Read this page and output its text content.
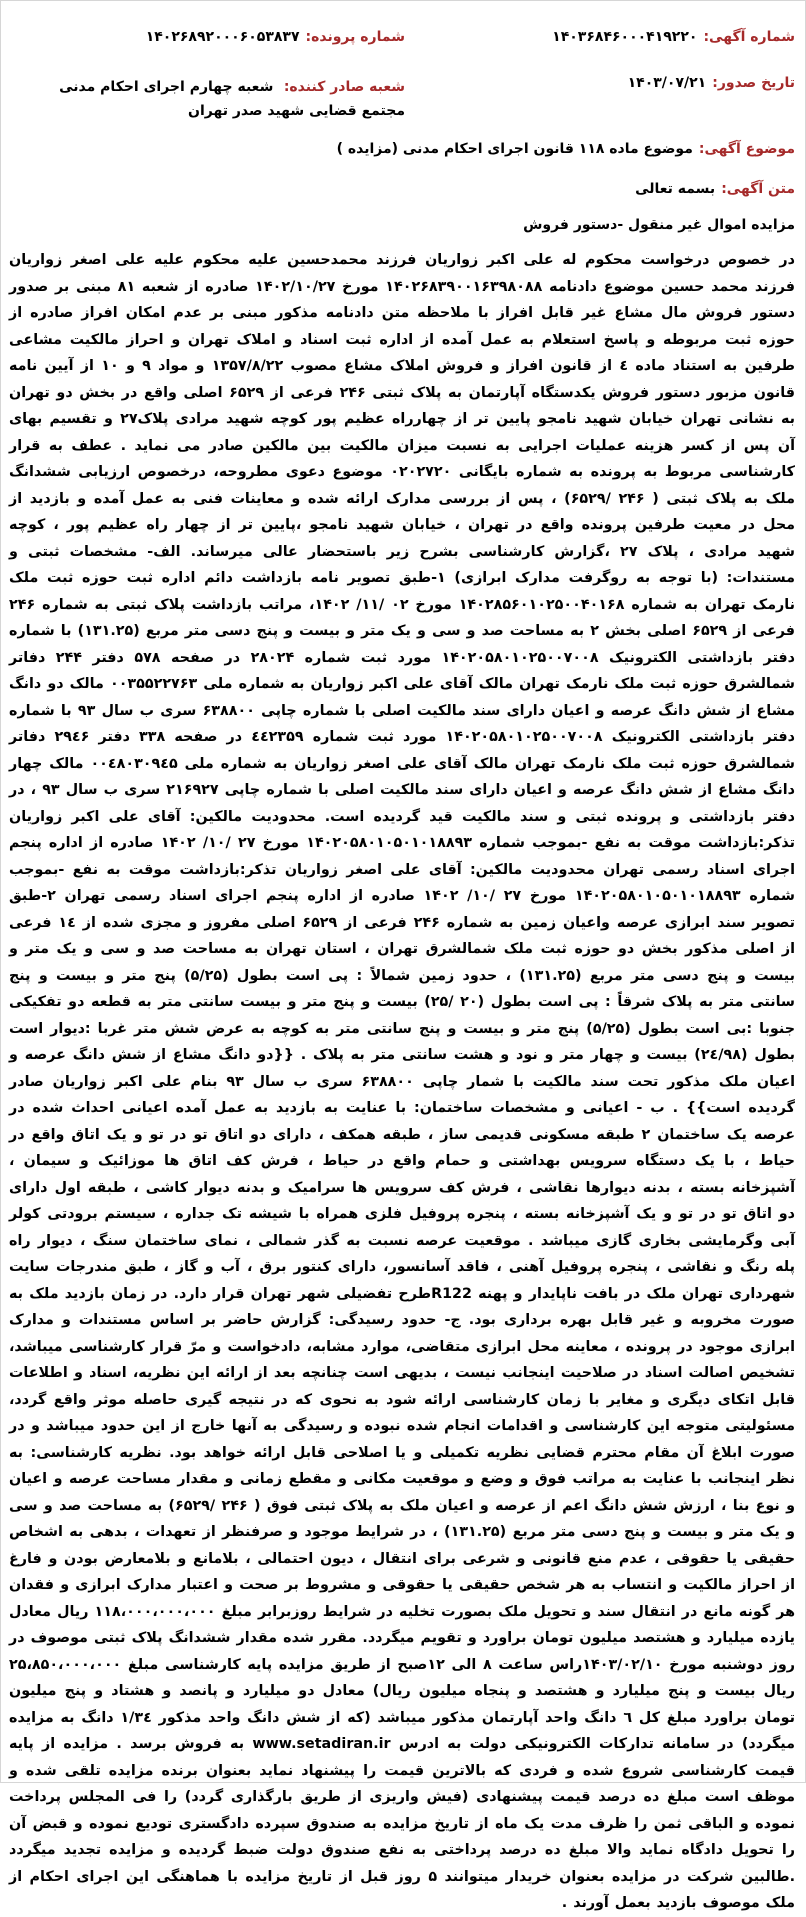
شماره آگهی:۱۴۰۳۶۸۴۶۰۰۰۴۱۹۲۲۰
شماره پرونده:۱۴۰۲۶۸۹۲۰۰۰۶۰۵۳۸۳۷
تاریخ صدور:۱۴۰۳/۰۷/۲۱
شعبه صادر کننده: شعبه چهارم اجرای احکام مدنی مجتمع قضایی شهید صدر تهران
موضوع آگهی:موضوع ماده ۱۱۸ قانون اجرای احکام مدنی (مزایده )
متن آگهی:بسمه تعالی
مزایده اموال غیر منقول -دستور فروش
در خصوص درخواست محکوم له علی اکبر زواریان فرزند محمدحسین علیه محکوم علیه علی اصغر زواریان فرزند محمد حسین موضوع دادنامه ۱۴۰۲۶۸۳۹۰۰۱۶۳۹۸۰۸۸ مورخ ۱۴۰۲/۱۰/۲۷ صادره از شعبه ۸۱ مبنی بر صدور دستور فروش مال مشاع غیر قابل افراز با ملاحظه متن دادنامه مذکور مبنی بر عدم امکان افراز صادره از حوزه ثبت مربوطه و پاسخ استعلام به عمل آمده از اداره ثبت اسناد و املاک تهران و احراز مالکیت مشاعی طرفین به استناد ماده ٤ از قانون افراز و فروش املاک مشاع مصوب ۱۳۵۷/۸/۲۲ و مواد ۹ و ۱۰ از آیین نامه قانون مزبور دستور فروش یکدستگاه آپارتمان به پلاک ثبتی ۲۴۶ فرعی از ۶۵۲۹ اصلی واقع در بخش دو تهران به نشانی تهران خیابان شهید نامجو پایین تر از چهارراه عظیم پور کوچه شهید مرادی پلاک۲۷ و تقسیم بهای آن پس از کسر هزینه عملیات اجرایی به نسبت میزان مالکیت بین مالکین صادر می نماید . عطف به قرار کارشناسی مربوط به پرونده به شماره بایگانی ۰۲۰۲۷۲۰ موضوع دعوی مطروحه، درخصوص ارزیابی ششدانگ ملک به پلاک ثبتی ( ۲۴۶ /۶۵۲۹) ، پس از بررسی مدارک ارائه شده و معاینات فنی به عمل آمده و بازدید از محل در معیت طرفین پرونده واقع در تهران ، خیابان شهید نامجو ،پایین تر از چهار راه عظیم پور ، کوچه شهید مرادی ، پلاک ۲۷ ،گزارش کارشناسی بشرح زیر باستحضار عالی میرساند. الف- مشخصات ثبتی و مستندات: (با توجه به روگرفت مدارک ابرازی) ۱-طبق تصویر نامه بازداشت دائم اداره ثبت حوزه ثبت ملک نارمک تهران به شماره ۱۴۰۲۸۵۶۰۱۰۲۵۰۰۴۰۱۶۸ مورخ ۰۲ /۱۱/ ۱۴۰۲، مراتب بازداشت پلاک ثبتی به شماره ۲۴۶ فرعی از ۶۵۲۹ اصلی بخش ۲ به مساحت صد و سی و یک متر و بیست و پنج دسی متر مربع (۱۳۱.۲۵) با شماره دفتر بازداشتی الکترونیک ۱۴۰۲۰۵۸۰۱۰۲۵۰۰۷۰۰۸ مورد ثبت شماره ۲۸۰۲۴ در صفحه ۵۷۸ دفتر ۲۴۴ دفاتر شمالشرق حوزه ثبت ملک نارمک تهران مالک آقای علی اکبر زواریان به شماره ملی ۰۰۳۵۵۲۲۷۶۳ مالک دو دانگ مشاع از شش دانگ عرصه و اعیان دارای سند مالکیت اصلی با شماره چاپی ۶۳۸۸۰۰ سری ب سال ۹۳ با شماره دفتر بازداشتی الکترونیک ۱۴۰۲۰۵۸۰۱۰۲۵۰۰۷۰۰۸ مورد ثبت شماره ٤٤٢٣۵۹ در صفحه ۳۳۸ دفتر ۲۹٤۶ دفاتر شمالشرق حوزه ثبت ملک نارمک تهران مالک آقای علی اصغر زواریان به شماره ملی ۰۰٤۸۰۳۰۹٤۵ مالک چهار دانگ مشاع از شش دانگ عرصه و اعیان دارای سند مالکیت اصلی با شماره چاپی ۲۱۶۹۲۷ سری ب سال ۹۳ ، در دفتر بازداشتی و پرونده ثبتی و سند مالکیت قید گردیده است. محدودیت مالکین: آقای علی اکبر زواریان تذکر:بازداشت موقت به نفع -بموجب شماره ۱۴۰۲۰۵۸۰۱۰۵۰۱۰۱۸۸۹۳ مورخ ۲۷ /۱۰/ ۱۴۰۲ صادره از اداره پنجم اجرای اسناد رسمی تهران محدودیت مالکین: آقای علی اصغر زواریان تذکر:بازداشت موقت به نفع -بموجب شماره ۱۴۰۲۰۵۸۰۱۰۵۰۱۰۱۸۸۹۳ مورخ ۲۷ /۱۰/ ۱۴۰۲ صادره از اداره پنجم اجرای اسناد رسمی تهران ۲-طبق تصویر سند ابرازی عرصه واعیان زمین به شماره ۲۴۶ فرعی از ۶۵۲۹ اصلی مفروز و مجزی شده از ۱٤ فرعی از اصلی مذکور بخش دو حوزه ثبت ملک شمالشرق تهران ، استان تهران به مساحت صد و سی و یک متر و بیست و پنج دسی متر مربع (۱۳۱.۲۵) ، حدود زمین شمالاً : پی است بطول (۵/۲۵) پنج متر و بیست و پنج سانتی متر به پلاک شرقاً : پی است بطول (۲۰ /۲۵) بیست و پنج متر و بیست سانتی متر به قطعه دو تفکیکی جنوبا :بی است بطول (۵/۲۵) پنج متر و بیست و پنج سانتی متر به کوچه به عرض شش متر غربا :دیوار است بطول (۲٤/۹۸) بیست و چهار متر و نود و هشت سانتی متر به پلاک . {{دو دانگ مشاع از شش دانگ عرصه و اعیان ملک مذکور تحت سند مالکیت با شمار چاپی ۶۳۸۸۰۰ سری ب سال ۹۳ بنام علی اکبر زواریان صادر گردیده است}} . ب - اعیانی و مشخصات ساختمان: با عنایت به بازدید به عمل آمده اعیانی احداث شده در عرصه یک ساختمان ۲ طبقه مسکونی قدیمی ساز ، طبقه همکف ، دارای دو اتاق تو در تو و یک اتاق واقع در حیاط ، با یک دستگاه سرویس بهداشتی و حمام واقع در حیاط ، فرش کف اتاق ها موزائیک و سیمان ، آشپزخانه بسته ، بدنه دیوارها نقاشی ، فرش کف سرویس ها سرامیک و بدنه دیوار کاشی ، طبقه اول دارای دو اتاق تو در تو و یک آشپزخانه بسته ، پنجره پروفیل فلزی همراه با شیشه تک جداره ، سیستم برودتی کولر آبی وگرمایشی بخاری گازی میباشد . موقعیت عرصه نسبت به گذر شمالی ، نمای ساختمان سنگ ، دیوار راه پله رنگ و نقاشی ، پنجره پروفیل آهنی ، فاقد آسانسور، دارای کنتور برق ، آب و گاز ، طبق مندرجات سایت شهرداری تهران ملک در بافت ناپایدار و پهنه R122طرح تفضیلی شهر تهران قرار دارد. در زمان بازدید ملک به صورت مخروبه و غیر قابل بهره برداری بود. ج- حدود رسیدگی: گزارش حاضر بر اساس مستندات و مدارک ابرازی موجود در پرونده ، معاینه محل ابرازی متقاضی، موارد مشابه، دادخواست و مرّ قرار کارشناسی میباشد، تشخیص اصالت اسناد در صلاحیت اینجانب نیست ، بدیهی است چنانچه بعد از ارائه این نظریه، اسناد و اطلاعات قابل اتکای دیگری و مغایر با زمان کارشناسی ارائه شود به نحوی که در نتیجه گیری حاصله موثر واقع گردد، مسئولیتی متوجه این کارشناسی و اقدامات انجام شده نبوده و رسیدگی به آنها خارج از این حدود میباشد و در صورت ابلاغ آن مقام محترم قضایی نظریه تکمیلی و یا اصلاحی قابل ارائه خواهد بود. نظریه کارشناسی: به نظر اینجانب با عنایت به مراتب فوق و وضع و موقعیت مکانی و مقطع زمانی و مقدار مساحت عرصه و اعیان و نوع بنا ، ارزش شش دانگ اعم از عرصه و اعیان ملک به پلاک ثبتی فوق ( ۲۴۶ /۶۵۲۹) به مساحت صد و سی و یک متر و بیست و پنج دسی متر مربع (۱۳۱.۲۵) ، در شرایط موجود و صرفنظر از تعهدات ، بدهی به اشخاص حقیقی یا حقوقی ، عدم منع قانونی و شرعی برای انتقال ، دیون احتمالی ، بلامانع و بلامعارض بودن و فارغ از احراز مالکیت و انتساب به هر شخص حقیقی یا حقوقی و مشروط بر صحت و اعتبار مدارک ابرازی و فقدان هر گونه مانع در انتقال سند و تحویل ملک بصورت تخلیه در شرایط روزبرابر مبلغ ۱۱۸،۰۰۰،۰۰۰،۰۰۰ ریال معادل یازده میلیارد و هشتصد میلیون تومان براورد و تقویم میگردد. مقرر شده مقدار ششدانگ پلاک ثبتی موصوف در روز دوشنبه مورخ ۱۴۰۳/۰۲/۱۰راس ساعت ۸ الی ۱۲صبح از طریق مزایده پایه کارشناسی مبلغ ۲۵،۸۵۰،۰۰۰،۰۰۰ ریال بیست و پنج میلیارد و هشتصد و پنجاه میلیون ریال) معادل دو میلیارد و پانصد و هشتاد و پنج میلیون تومان براورد مبلغ کل ٦ دانگ واحد آپارتمان مذکور میباشد (که از شش دانگ واحد مذکور ۱/۳٤ دانگ به مزایده میگردد) در سامانه تدارکات الکترونیکی دولت به ادرس www.setadiran.ir به فروش برسد . مزایده از پایه قیمت کارشناسی شروع شده و فردی که بالاترین قیمت را پیشنهاد نماید بعنوان برنده مزایده تلقی شده و موظف است مبلغ ده درصد قیمت پیشنهادی (فیش واریزی از طریق بارگذاری گردد) را فی المجلس پرداخت نموده و الباقی ثمن را ظرف مدت یک ماه از تاریخ مزایده به صندوق سپرده دادگستری تودیع نموده و قبض آن را تحویل دادگاه نماید والا مبلغ ده درصد پرداختی به نفع صندوق دولت ضبط گردیده و مزایده تجدید میگردد .طالبین شرکت در مزایده بعنوان خریدار میتوانند ۵ روز قبل از تاریخ مزایده با هماهنگی این اجرای احکام از ملک موصوف بازدید بعمل آورند .
